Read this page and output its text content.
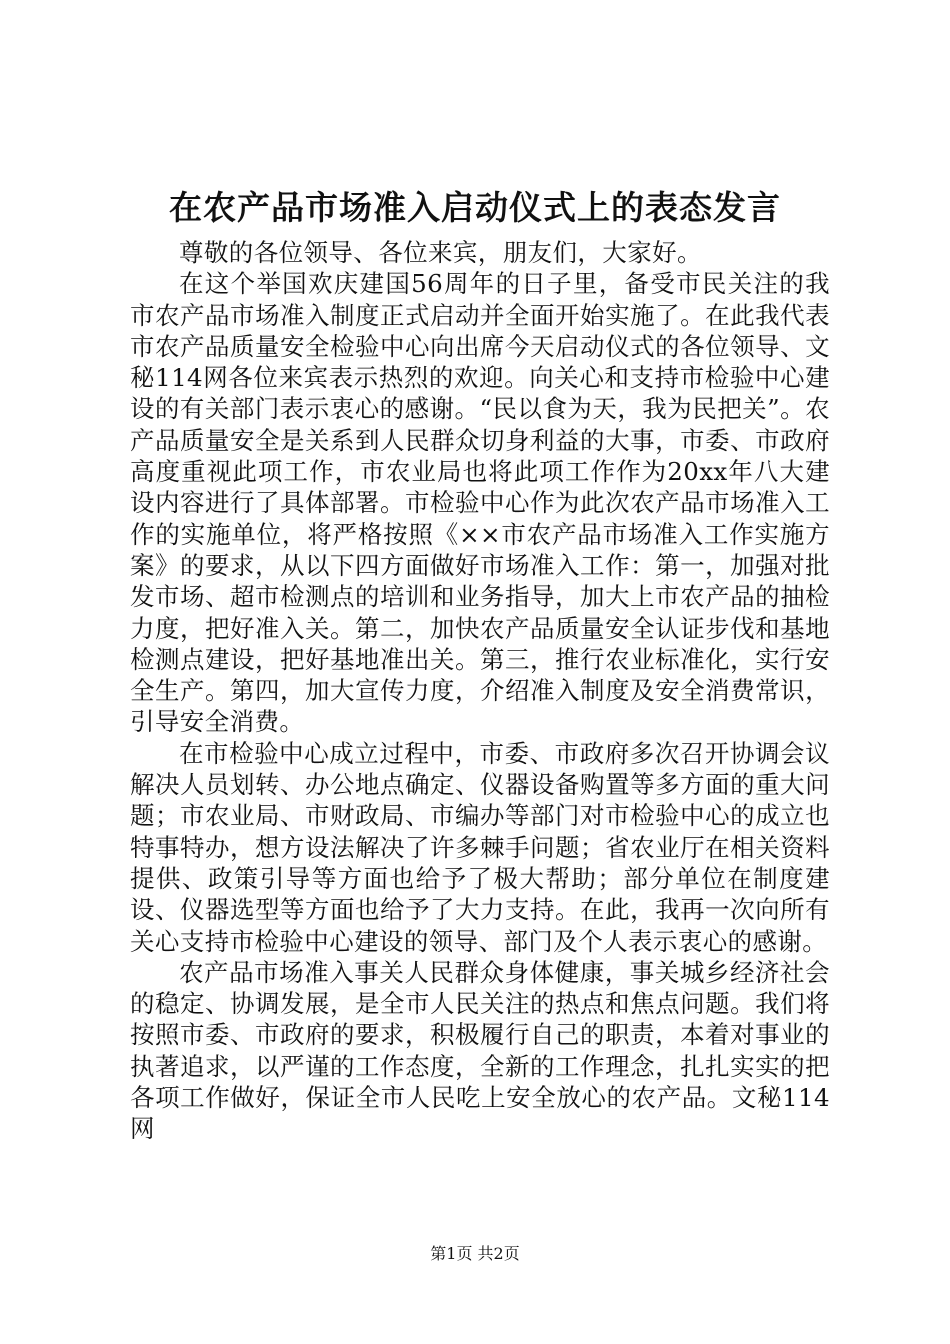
在农产品市场准入启动仪式上的表态发言

尊敬的各位领导、各位来宾，朋友们，大家好。

在这个举国欢庆建国56周年的日子里，备受市民关注的我市农产品市场准入制度正式启动并全面开始实施了。在此我代表市农产品质量安全检验中心向出席今天启动仪式的各位领导、文秘114网各位来宾表示热烈的欢迎。向关心和支持市检验中心建设的有关部门表示衷心的感谢。“民以食为天，我为民把关”。农产品质量安全是关系到人民群众切身利益的大事，市委、市政府高度重视此项工作，市农业局也将此项工作作为20xx年八大建设内容进行了具体部署。市检验中心作为此次农产品市场准入工作的实施单位，将严格按照《××市农产品市场准入工作实施方案》的要求，从以下四方面做好市场准入工作：第一，加强对批发市场、超市检测点的培训和业务指导，加大上市农产品的抽检力度，把好准入关。第二，加快农产品质量安全认证步伐和基地检测点建设，把好基地准出关。第三，推行农业标准化，实行安全生产。第四，加大宣传力度，介绍准入制度及安全消费常识，引导安全消费。

在市检验中心成立过程中，市委、市政府多次召开协调会议解决人员划转、办公地点确定、仪器设备购置等多方面的重大问题；市农业局、市财政局、市编办等部门对市检验中心的成立也特事特办，想方设法解决了许多棘手问题；省农业厅在相关资料提供、政策引导等方面也给予了极大帮助；部分单位在制度建设、仪器选型等方面也给予了大力支持。在此，我再一次向所有关心支持市检验中心建设的领导、部门及个人表示衷心的感谢。

农产品市场准入事关人民群众身体健康，事关城乡经济社会的稳定、协调发展，是全市人民关注的热点和焦点问题。我们将按照市委、市政府的要求，积极履行自己的职责，本着对事业的执著追求，以严谨的工作态度，全新的工作理念，扎扎实实的把各项工作做好，保证全市人民吃上安全放心的农产品。文秘114网

第1页 共2页
